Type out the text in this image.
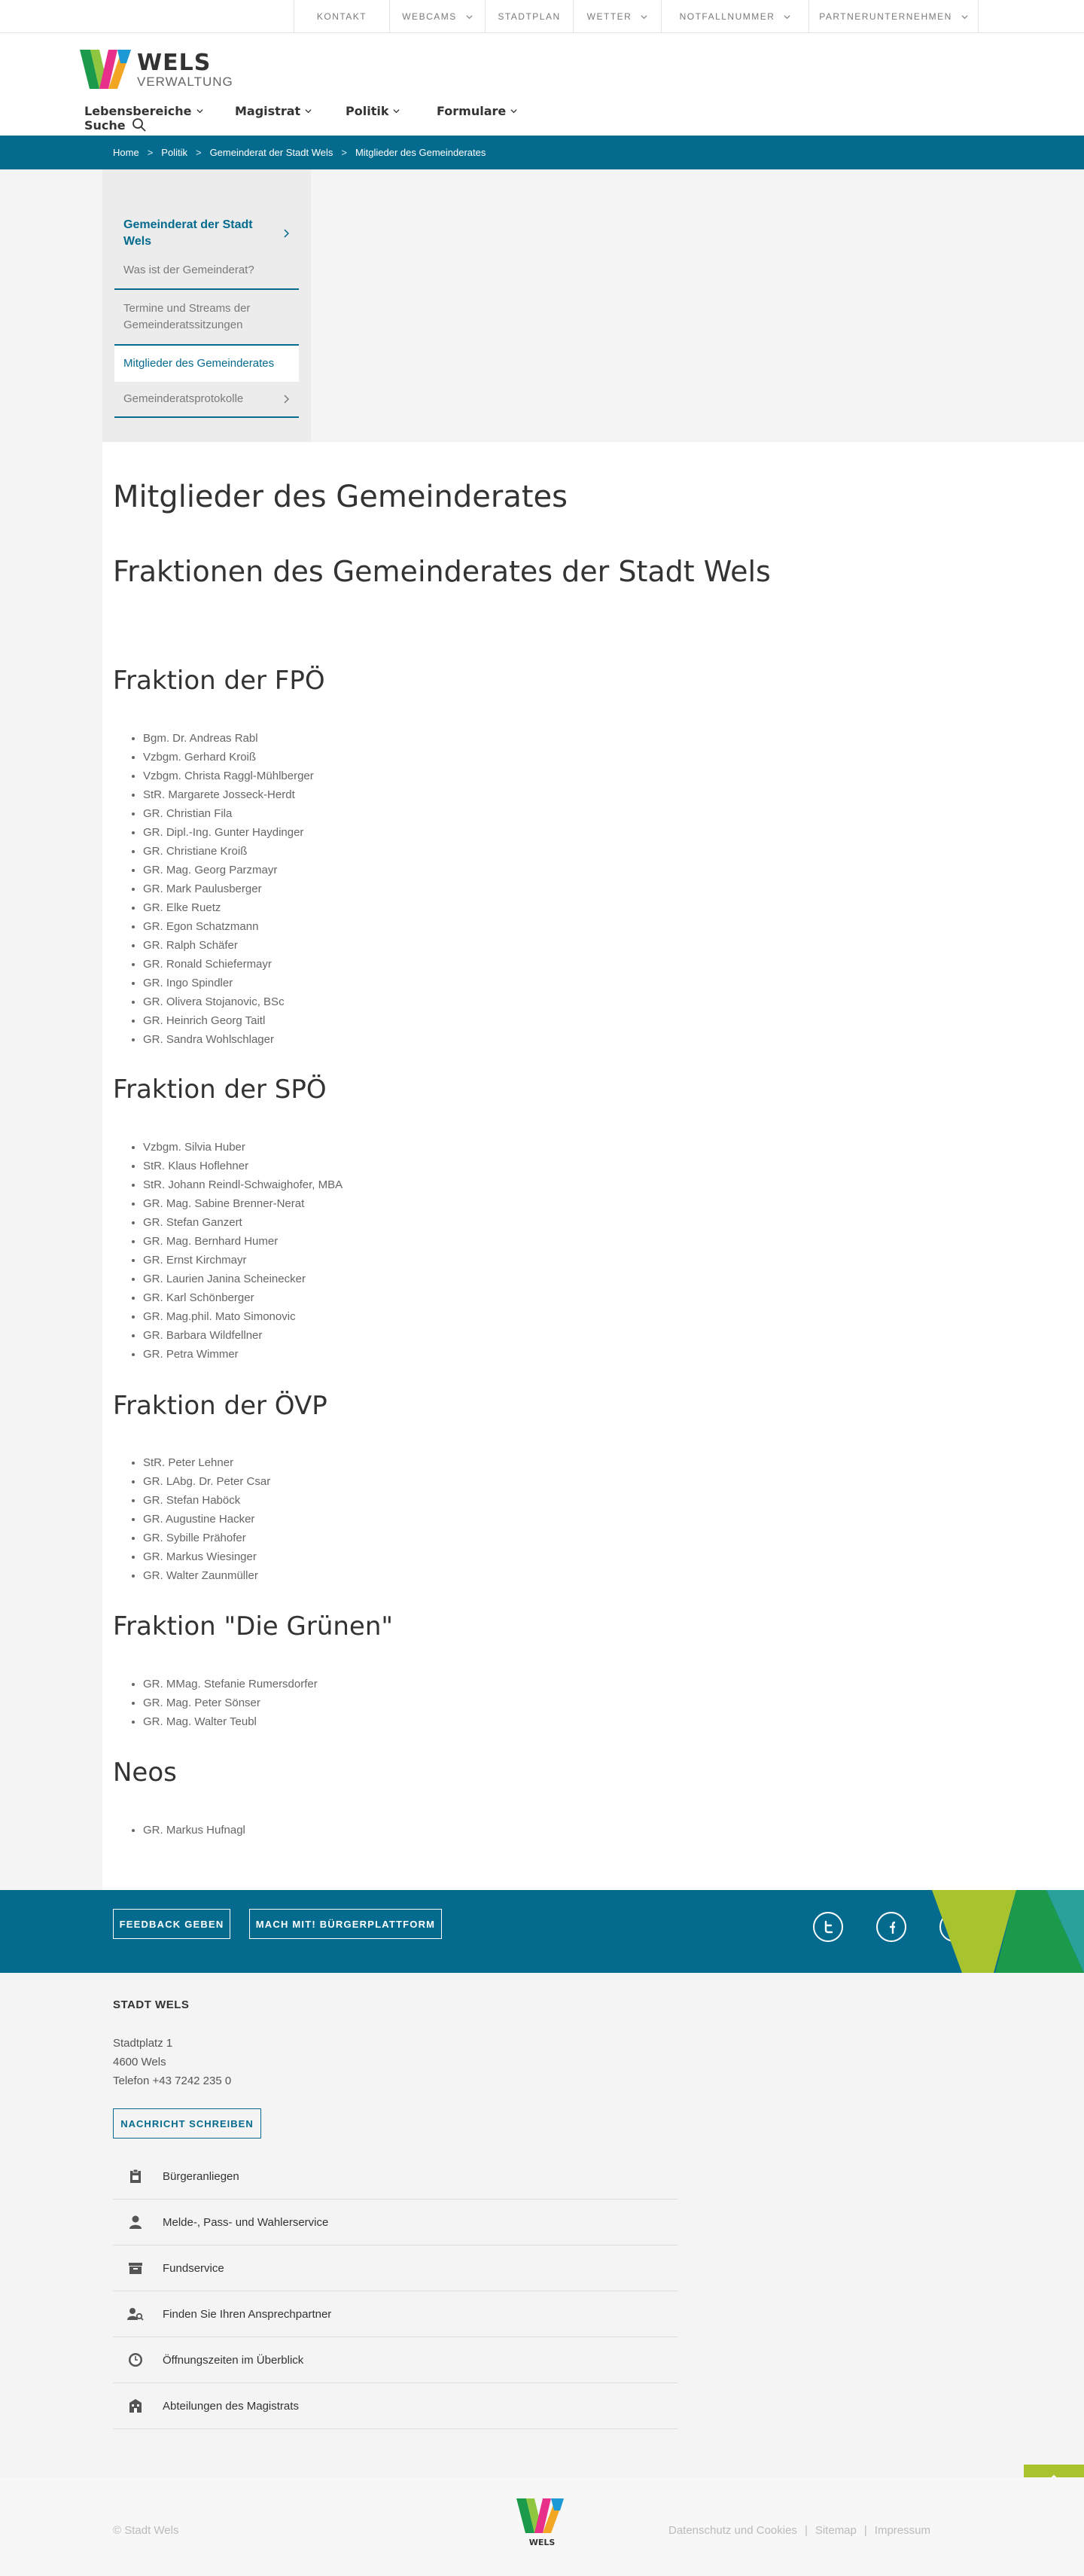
KONTAKT	WEBCAMS	STADTPLAN	WETTER	NOTFALLNUMMER	PARTNERUNTERNEHMEN
WELS
VERWALTUNG
Lebensbereiche	Magistrat	Politik	Formulare
Suche
Home > Politik > Gemeinderat der Stadt Wels > Mitglieder des Gemeinderates
Gemeinderat der Stadt Wels
Was ist der Gemeinderat?
Termine und Streams der Gemeinderatssitzungen
Mitglieder des Gemeinderates
Gemeinderatsprotokolle
Mitglieder des Gemeinderates
Fraktionen des Gemeinderates der Stadt Wels
Fraktion der FPÖ
• Bgm. Dr. Andreas Rabl
• Vzbgm. Gerhard Kroiß
• Vzbgm. Christa Raggl-Mühlberger
• StR. Margarete Josseck-Herdt
• GR. Christian Fila
• GR. Dipl.-Ing. Gunter Haydinger
• GR. Christiane Kroiß
• GR. Mag. Georg Parzmayr
• GR. Mark Paulusberger
• GR. Elke Ruetz
• GR. Egon Schatzmann
• GR. Ralph Schäfer
• GR. Ronald Schiefermayr
• GR. Ingo Spindler
• GR. Olivera Stojanovic, BSc
• GR. Heinrich Georg Taitl
• GR. Sandra Wohlschlager
Fraktion der SPÖ
• Vzbgm. Silvia Huber
• StR. Klaus Hoflehner
• StR. Johann Reindl-Schwaighofer, MBA
• GR. Mag. Sabine Brenner-Nerat
• GR. Stefan Ganzert
• GR. Mag. Bernhard Humer
• GR. Ernst Kirchmayr
• GR. Laurien Janina Scheinecker
• GR. Karl Schönberger
• GR. Mag.phil. Mato Simonovic
• GR. Barbara Wildfellner
• GR. Petra Wimmer
Fraktion der ÖVP
• StR. Peter Lehner
• GR. LAbg. Dr. Peter Csar
• GR. Stefan Haböck
• GR. Augustine Hacker
• GR. Sybille Prähofer
• GR. Markus Wiesinger
• GR. Walter Zaunmüller
Fraktion "Die Grünen"
• GR. MMag. Stefanie Rumersdorfer
• GR. Mag. Peter Sönser
• GR. Mag. Walter Teubl
Neos
• GR. Markus Hufnagl
FEEDBACK GEBEN	MACH MIT! BÜRGERPLATTFORM
STADT WELS
Stadtplatz 1
4600 Wels
Telefon +43 7242 235 0
NACHRICHT SCHREIBEN
Bürgeranliegen
Melde-, Pass- und Wahlerservice
Fundservice
Finden Sie Ihren Ansprechpartner
Öffnungszeiten im Überblick
Abteilungen des Magistrats
© Stadt Wels
WELS
Datenschutz und Cookies | Sitemap | Impressum
